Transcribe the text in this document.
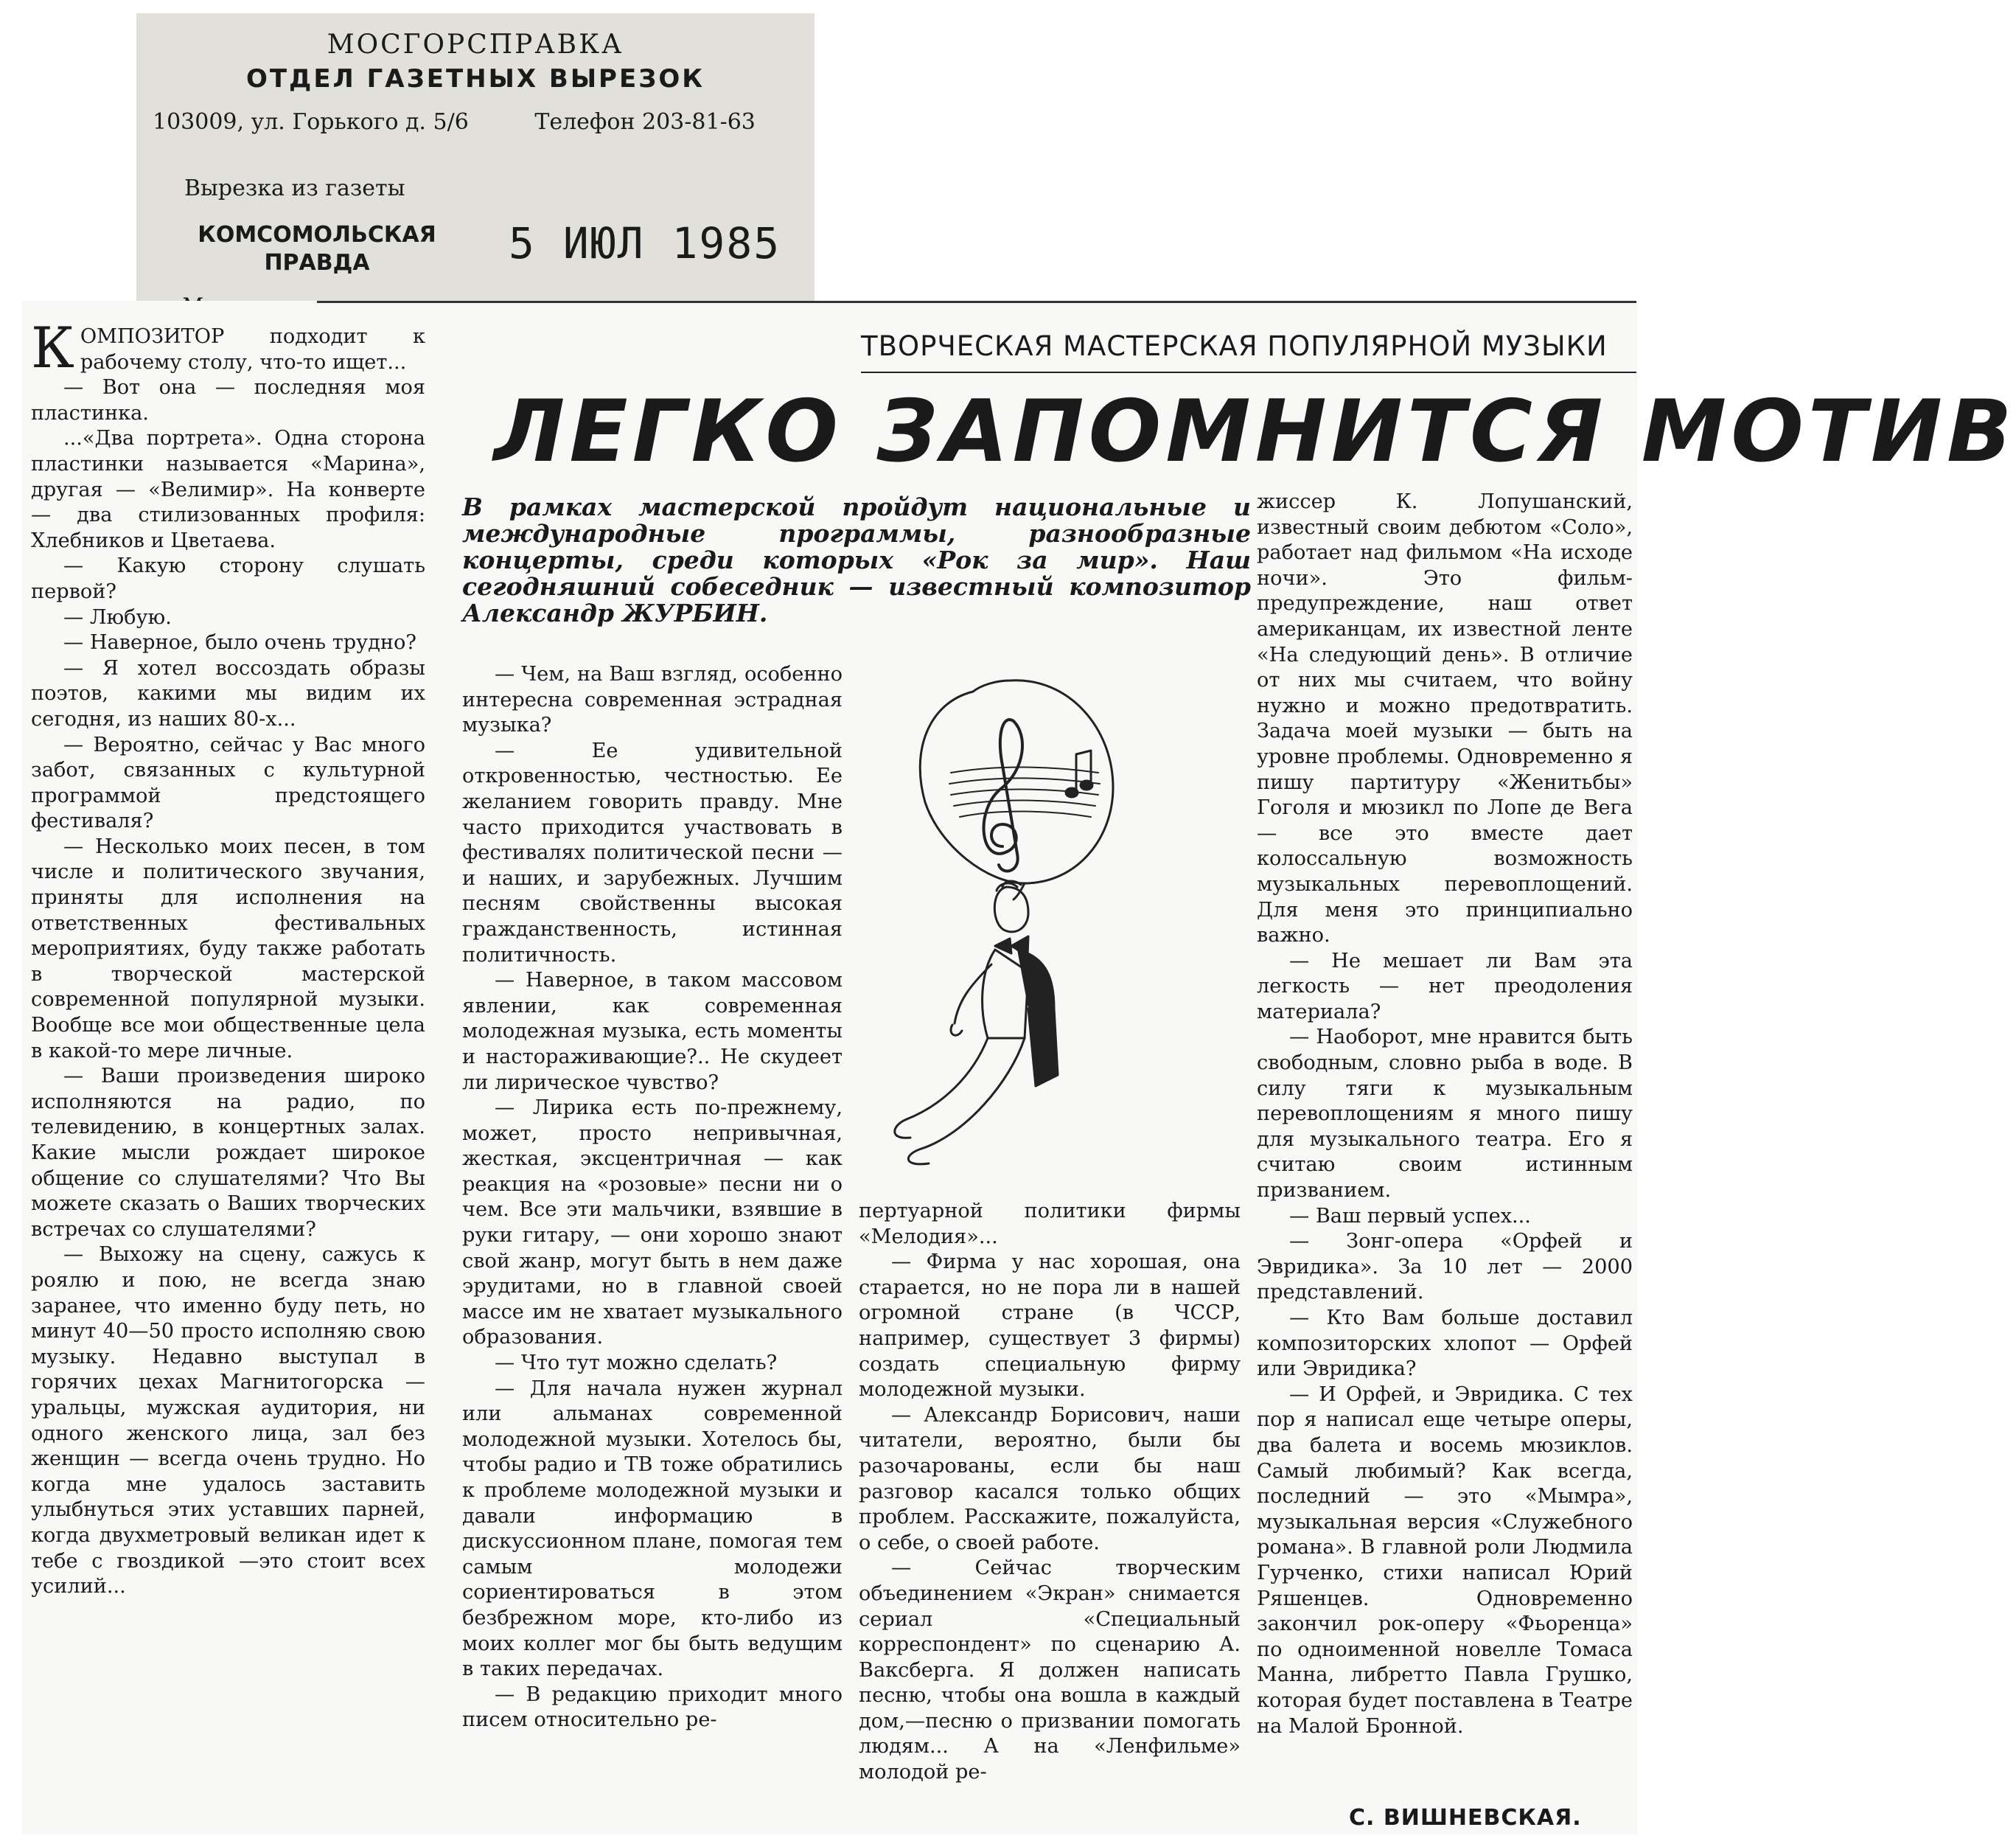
МОСГОРСПРАВКА
ОТДЕЛ ГАЗЕТНЫХ ВЫРЕЗОК
103009, ул. Горького д. 5/6	Телефон 203-81-63
Вырезка из газеты
КОМСОМОЛЬСКАЯ
ПРАВДА	5 ИЮЛ 1985

КОМПОЗИТОР подходит к рабочему столу, что-то ищет...

— Вот она — последняя моя пластинка.

...«Два портрета». Одна сторона пластинки называется «Марина», другая — «Велимир». На конверте — два стилизованных профиля: Хлебников и Цветаева.

— Какую сторону слушать первой?

— Любую.

— Наверное, было очень трудно?

— Я хотел воссоздать образы поэтов, какими мы видим их сегодня, из наших 80-х...

— Вероятно, сейчас у Вас много забот, связанных с культурной программой предстоящего фестиваля?

— Несколько моих песен, в том числе и политического звучания, приняты для исполнения на ответственных фестивальных мероприятиях, буду также работать в творческой мастерской современной популярной музыки. Вообще все мои общественные цела в какой-то мере личные.

— Ваши произведения широко исполняются на радио, по телевидению, в концертных залах. Какие мысли рождает широкое общение со слушателями? Что Вы можете сказать о Ваших творческих встречах со слушателями?

— Выхожу на сцену, сажусь к роялю и пою, не всегда знаю заранее, что именно буду петь, но минут 40—50 просто исполняю свою музыку. Недавно выступал в горячих цехах Магнитогорска — уральцы, мужская аудитория, ни одного женского лица, зал без женщин — всегда очень трудно. Но когда мне удалось заставить улыбнуться этих уставших парней, когда двухметровый великан идет к тебе с гвоздикой —это стоит всех усилий...

ТВОРЧЕСКАЯ МАСТЕРСКАЯ ПОПУЛЯРНОЙ МУЗЫКИ
ЛЕГКО ЗАПОМНИТСЯ МОТИВ

В рамках мастерской пройдут национальные и международные программы, разнообразные концерты, среди которых «Рок за мир». Наш сегодняшний собеседник — известный композитор Александр ЖУРБИН.

— Чем, на Ваш взгляд, особенно интересна современная эстрадная музыка?

— Ее удивительной откровенностью, честностью. Ее желанием говорить правду. Мне часто приходится участвовать в фестивалях политической песни — и наших, и зарубежных. Лучшим песням свойственны высокая гражданственность, истинная политичность.

— Наверное, в таком массовом явлении, как современная молодежная музыка, есть моменты и настораживающие?.. Не скудеет ли лирическое чувство?

— Лирика есть по-прежнему, может, просто непривычная, жесткая, эксцентричная — как реакция на «розовые» песни ни о чем. Все эти мальчики, взявшие в руки гитару, — они хорошо знают свой жанр, могут быть в нем даже эрудитами, но в главной своей массе им не хватает музыкального образования.

— Что тут можно сделать?

— Для начала нужен журнал или альманах современной молодежной музыки. Хотелось бы, чтобы радио и ТВ тоже обратились к проблеме молодежной музыки и давали информацию в дискуссионном плане, помогая тем самым молодежи сориентироваться в этом безбрежном море, кто-либо из моих коллег мог бы быть ведущим в таких передачах.

— В редакцию приходит много писем относительно ре-

пертуарной политики фирмы «Мелодия»...

— Фирма у нас хорошая, она старается, но не пора ли в нашей огромной стране (в ЧССР, например, существует 3 фирмы) создать специальную фирму молодежной музыки.

— Александр Борисович, наши читатели, вероятно, были бы разочарованы, если бы наш разговор касался только общих проблем. Расскажите, пожалуйста, о себе, о своей работе.

— Сейчас творческим объединением «Экран» снимается сериал «Специальный корреспондент» по сценарию А. Ваксберга. Я должен написать песню, чтобы она вошла в каждый дом,—песню о призвании помогать людям... А на «Ленфильме» молодой ре-

жиссер К. Лопушанский, известный своим дебютом «Соло», работает над фильмом «На исходе ночи». Это фильм-предупреждение, наш ответ американцам, их известной ленте «На следующий день». В отличие от них мы считаем, что войну нужно и можно предотвратить. Задача моей музыки — быть на уровне проблемы. Одновременно я пишу партитуру «Женитьбы» Гоголя и мюзикл по Лопе де Вега — все это вместе дает колоссальную возможность музыкальных перевоплощений. Для меня это принципиально важно.

— Не мешает ли Вам эта легкость — нет преодоления материала?

— Наоборот, мне нравится быть свободным, словно рыба в воде. В силу тяги к музыкальным перевоплощениям я много пишу для музыкального театра. Его я считаю своим истинным призванием.

— Ваш первый успех...

— Зонг-опера «Орфей и Эвридика». За 10 лет — 2000 представлений.

— Кто Вам больше доставил композиторских хлопот — Орфей или Эвридика?

— И Орфей, и Эвридика. С тех пор я написал еще четыре оперы, два балета и восемь мюзиклов. Самый любимый? Как всегда, последний — это «Мымра», музыкальная версия «Служебного романа». В главной роли Людмила Гурченко, стихи написал Юрий Ряшенцев. Одновременно закончил рок-оперу «Фьоренца» по одноименной новелле Томаса Манна, либретто Павла Грушко, которая будет поставлена в Театре на Малой Бронной.

С. ВИШНЕВСКАЯ.
